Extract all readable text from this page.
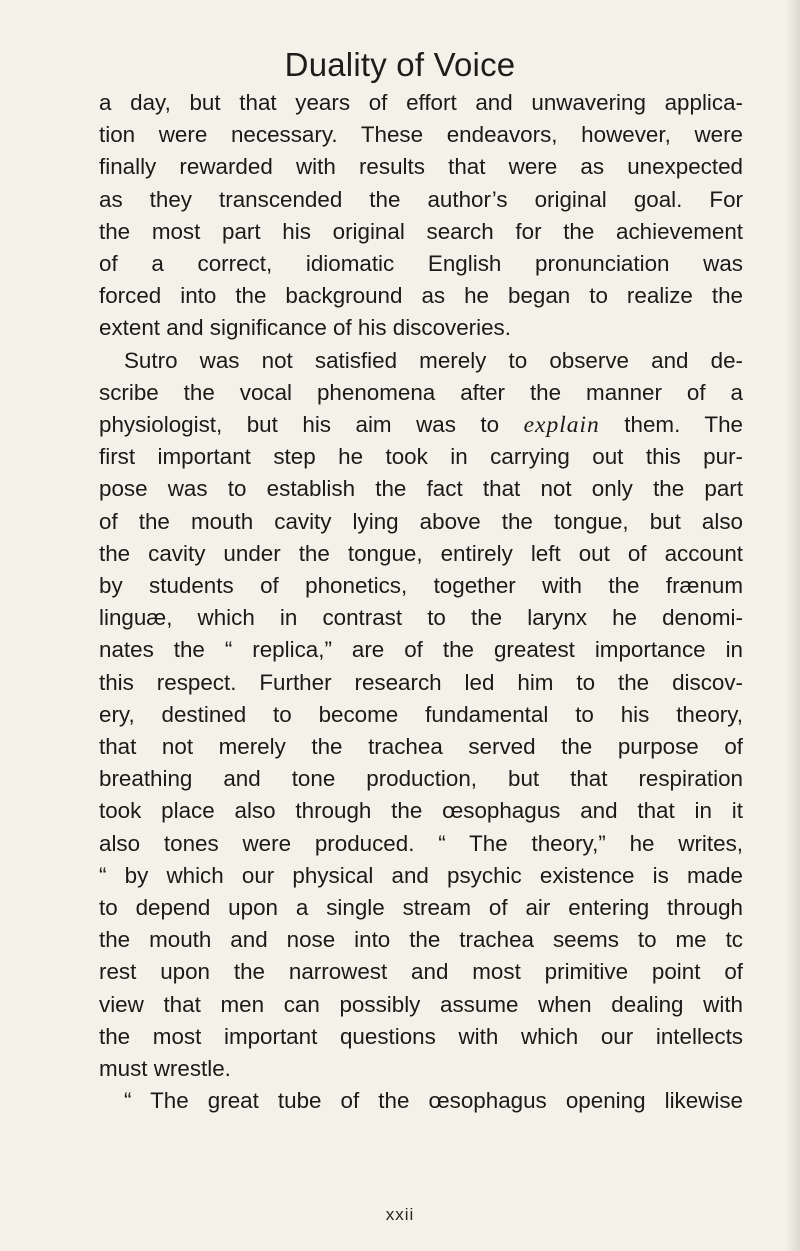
Duality of Voice
a day, but that years of effort and unwavering applica-
tion were necessary. These endeavors, however, were
finally rewarded with results that were as unexpected
as they transcended the author’s original goal. For
the most part his original search for the achievement
of a correct, idiomatic English pronunciation was
forced into the background as he began to realize the
extent and significance of his discoveries.
Sutro was not satisfied merely to observe and de-
scribe the vocal phenomena after the manner of a
physiologist, but his aim was to explain them. The
first important step he took in carrying out this pur-
pose was to establish the fact that not only the part
of the mouth cavity lying above the tongue, but also
the cavity under the tongue, entirely left out of account
by students of phonetics, together with the frænum
linguæ, which in contrast to the larynx he denomi-
nates the “ replica,” are of the greatest importance in
this respect. Further research led him to the discov-
ery, destined to become fundamental to his theory,
that not merely the trachea served the purpose of
breathing and tone production, but that respiration
took place also through the œsophagus and that in it
also tones were produced. “ The theory,” he writes,
“ by which our physical and psychic existence is made
to depend upon a single stream of air entering through
the mouth and nose into the trachea seems to me tc
rest upon the narrowest and most primitive point of
view that men can possibly assume when dealing with
the most important questions with which our intellects
must wrestle.
“ The great tube of the œsophagus opening likewise
xxii
